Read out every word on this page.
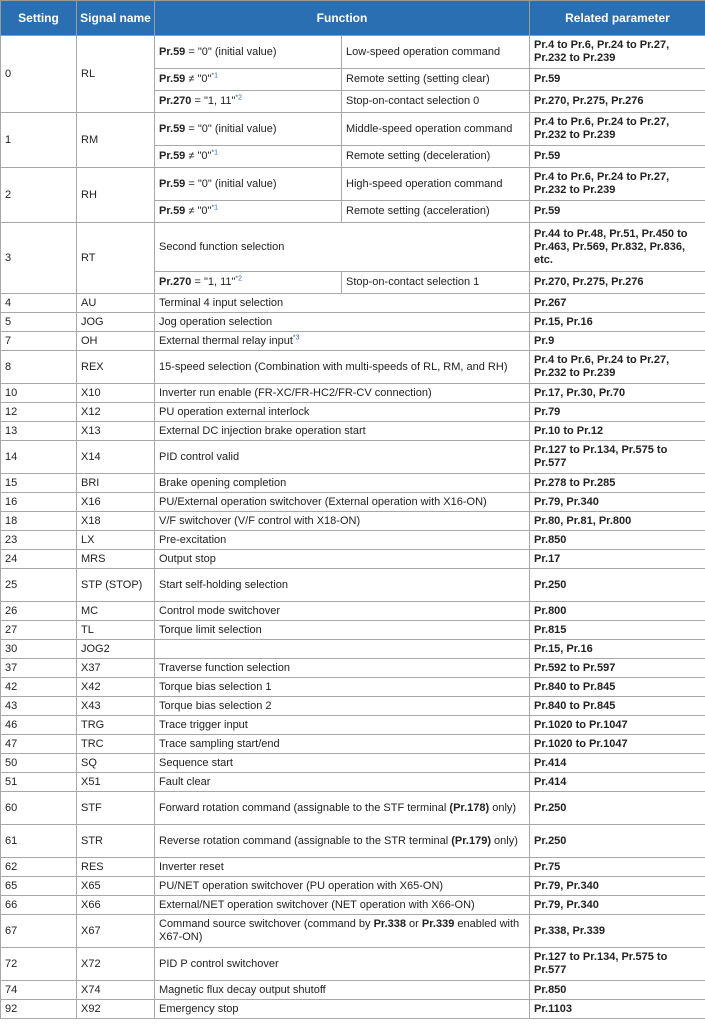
Setting	Signal name	Function		Related parameter
0	RL	Pr.59 = "0" (initial value)	Low-speed operation command	Pr.4 to Pr.6, Pr.24 to Pr.27, Pr.232 to Pr.239
		Pr.59 ≠ "0"$^{*1}$	Remote setting (setting clear)	Pr.59
		Pr.270 = "1, 11"$^{*2}$	Stop-on-contact selection 0	Pr.270, Pr.275, Pr.276
1	RM	Pr.59 = "0" (initial value)	Middle-speed operation command	Pr.4 to Pr.6, Pr.24 to Pr.27, Pr.232 to Pr.239
		Pr.59 ≠ "0"$^{*1}$	Remote setting (deceleration)	Pr.59
2	RH	Pr.59 = "0" (initial value)	High-speed operation command	Pr.4 to Pr.6, Pr.24 to Pr.27, Pr.232 to Pr.239
		Pr.59 ≠ "0"$^{*1}$	Remote setting (acceleration)	Pr.59
3	RT	Second function selection		Pr.44 to Pr.48, Pr.51, Pr.450 to Pr.463, Pr.569, Pr.832, Pr.836, etc.
		Pr.270 = "1, 11"$^{*2}$	Stop-on-contact selection 1	Pr.270, Pr.275, Pr.276
4	AU	Terminal 4 input selection		Pr.267
5	JOG	Jog operation selection		Pr.15, Pr.16
7	OH	External thermal relay input$^{*3}$		Pr.9
8	REX	15-speed selection (Combination with multi-speeds of RL, RM, and RH)		Pr.4 to Pr.6, Pr.24 to Pr.27, Pr.232 to Pr.239
10	X10	Inverter run enable (FR-XC/FR-HC2/FR-CV connection)		Pr.17, Pr.30, Pr.70
12	X12	PU operation external interlock		Pr.79
13	X13	External DC injection brake operation start		Pr.10 to Pr.12
14	X14	PID control valid		Pr.127 to Pr.134, Pr.575 to Pr.577
15	BRI	Brake opening completion		Pr.278 to Pr.285
16	X16	PU/External operation switchover (External operation with X16-ON)		Pr.79, Pr.340
18	X18	V/F switchover (V/F control with X18-ON)		Pr.80, Pr.81, Pr.800
23	LX	Pre-excitation		Pr.850
24	MRS	Output stop		Pr.17
25	STP (STOP)	Start self-holding selection		Pr.250
26	MC	Control mode switchover		Pr.800
27	TL	Torque limit selection		Pr.815
30	JOG2			Pr.15, Pr.16
37	X37	Traverse function selection		Pr.592 to Pr.597
42	X42	Torque bias selection 1		Pr.840 to Pr.845
43	X43	Torque bias selection 2		Pr.840 to Pr.845
46	TRG	Trace trigger input		Pr.1020 to Pr.1047
47	TRC	Trace sampling start/end		Pr.1020 to Pr.1047
50	SQ	Sequence start		Pr.414
51	X51	Fault clear		Pr.414
60	STF	Forward rotation command (assignable to the STF terminal (Pr.178) only)		Pr.250
61	STR	Reverse rotation command (assignable to the STR terminal (Pr.179) only)		Pr.250
62	RES	Inverter reset		Pr.75
65	X65	PU/NET operation switchover (PU operation with X65-ON)		Pr.79, Pr.340
66	X66	External/NET operation switchover (NET operation with X66-ON)		Pr.79, Pr.340
67	X67	Command source switchover (command by Pr.338 or Pr.339 enabled with X67-ON)		Pr.338, Pr.339
72	X72	PID P control switchover		Pr.127 to Pr.134, Pr.575 to Pr.577
74	X74	Magnetic flux decay output shutoff		Pr.850
92	X92	Emergency stop		Pr.1103
